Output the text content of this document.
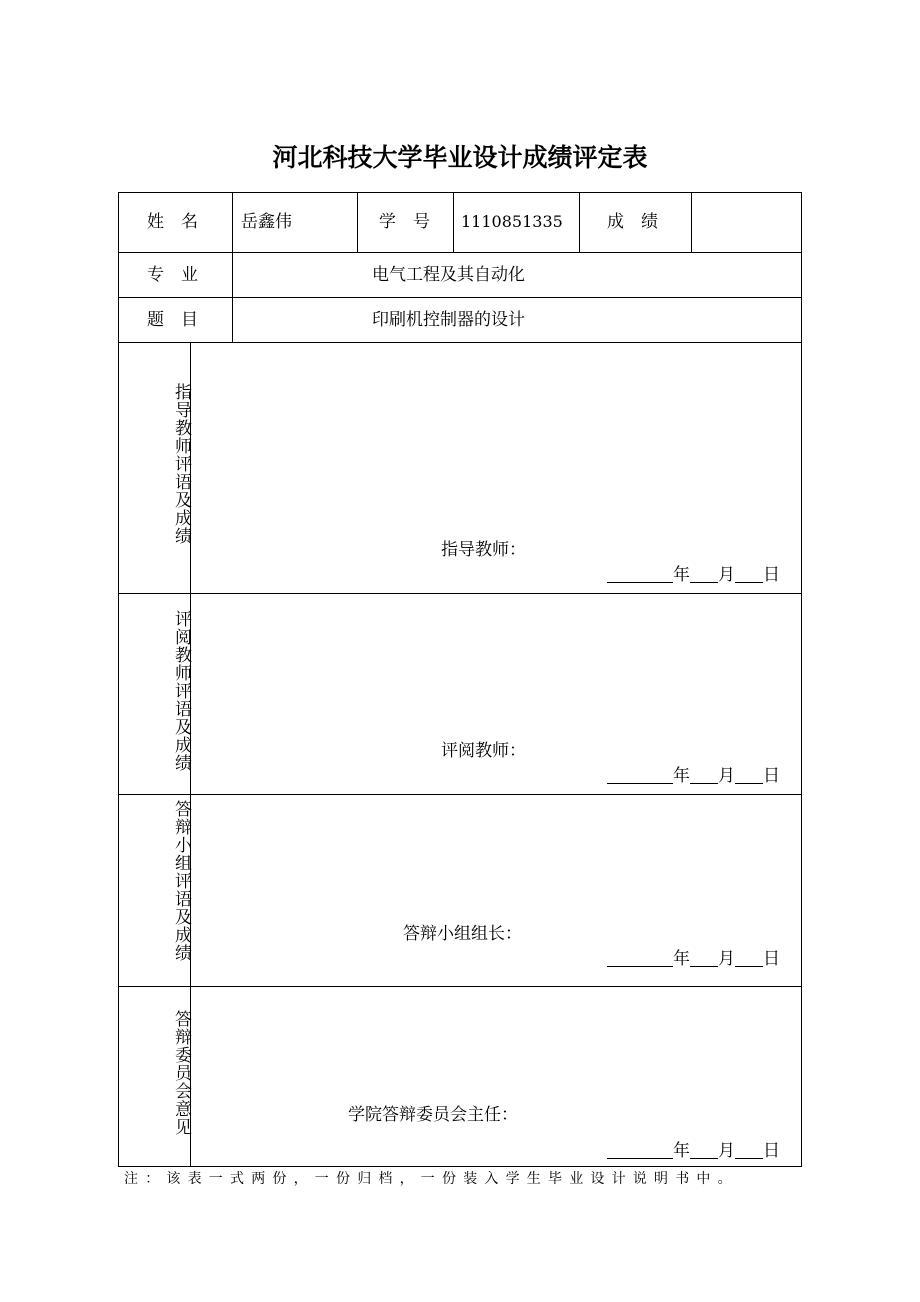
河北科技大学毕业设计成绩评定表
姓　名	岳鑫伟	学　号 1110851335	成　绩
专　业	电气工程及其自动化
题　目	印刷机控制器的设计
指导教师评语及成绩
指导教师：
年 月 日
评阅教师评语及成绩	评阅教师：
年 月 日
答辩小组评语及成绩	答辩小组组长：
年 月 日
答辩委员会意见	学院答辩委员会主任：
年 月 日
注：该表一式两份，一份归档，一份装入学生毕业设计说明书中。
